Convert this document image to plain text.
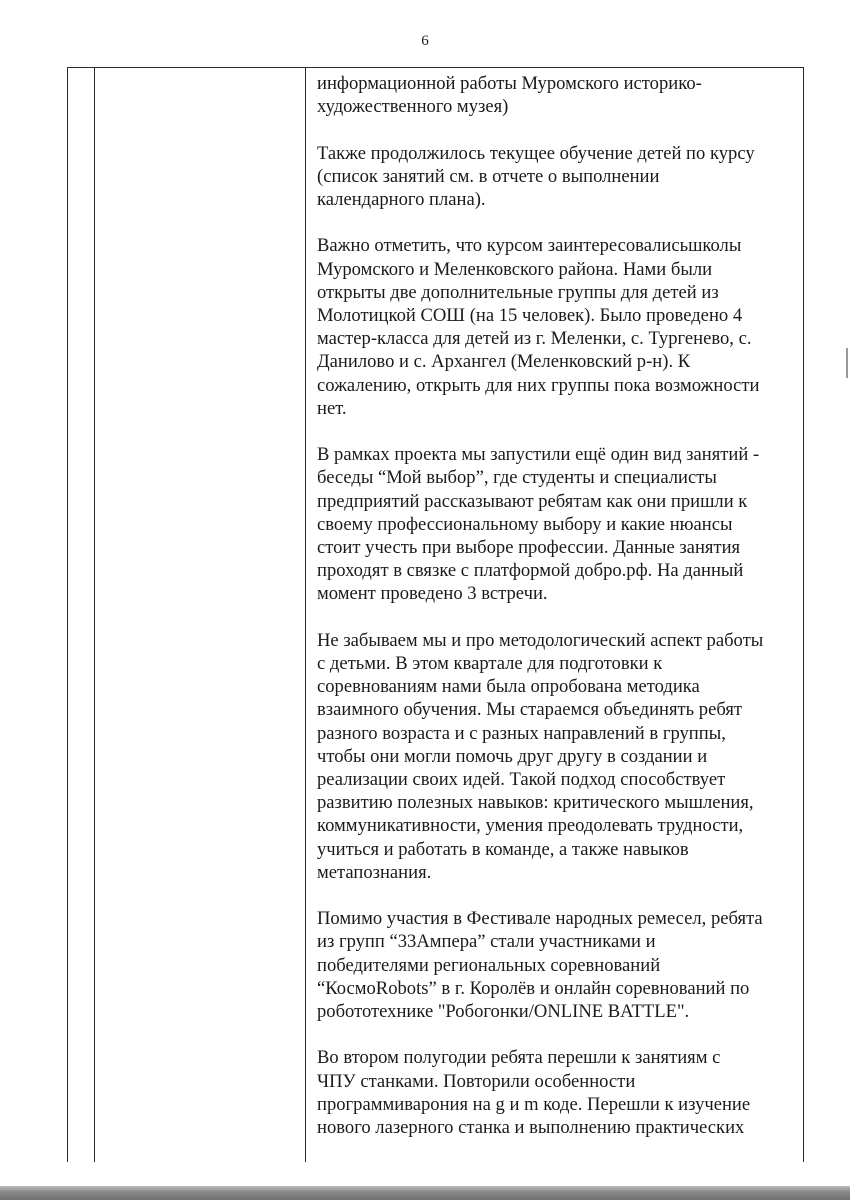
6

информационной работы Муромского историко-
художественного музея)

Также продолжилось текущее обучение детей по курсу
(список занятий см. в отчете о выполнении
календарного плана).

Важно отметить, что курсом заинтересовалисьшколы
Муромского и Меленковского района. Нами были
открыты две дополнительные группы для детей из
Молотицкой СОШ (на 15 человек). Было проведено 4
мастер-класса для детей из г. Меленки, с. Тургенево, с.
Данилово и с. Архангел (Меленковский р-н). К
сожалению, открыть для них группы пока возможности
нет.

В рамках проекта мы запустили ещё один вид занятий -
беседы “Мой выбор”, где студенты и специалисты
предприятий рассказывают ребятам как они пришли к
своему профессиональному выбору и какие нюансы
стоит учесть при выборе профессии. Данные занятия
проходят в связке с платформой добро.рф. На данный
момент проведено 3 встречи.

Не забываем мы и про методологический аспект работы
с детьми. В этом квартале для подготовки к
соревнованиям нами была опробована методика
взаимного обучения. Мы стараемся объединять ребят
разного возраста и с разных направлений в группы,
чтобы они могли помочь друг другу в создании и
реализации своих идей. Такой подход способствует
развитию полезных навыков: критического мышления,
коммуникативности, умения преодолевать трудности,
учиться и работать в команде, а также навыков
метапознания.

Помимо участия в Фестивале народных ремесел, ребята
из групп “33Ампера” стали участниками и
победителями региональных соревнований
“КосмоRobots” в г. Королёв и онлайн соревнований по
робототехнике "Робогонки/ONLINE BATTLE".

Во втором полугодии ребята перешли к занятиям с
ЧПУ станками. Повторили особенности
программиварония на g и m коде. Перешли к изучение
нового лазерного станка и выполнению практических
